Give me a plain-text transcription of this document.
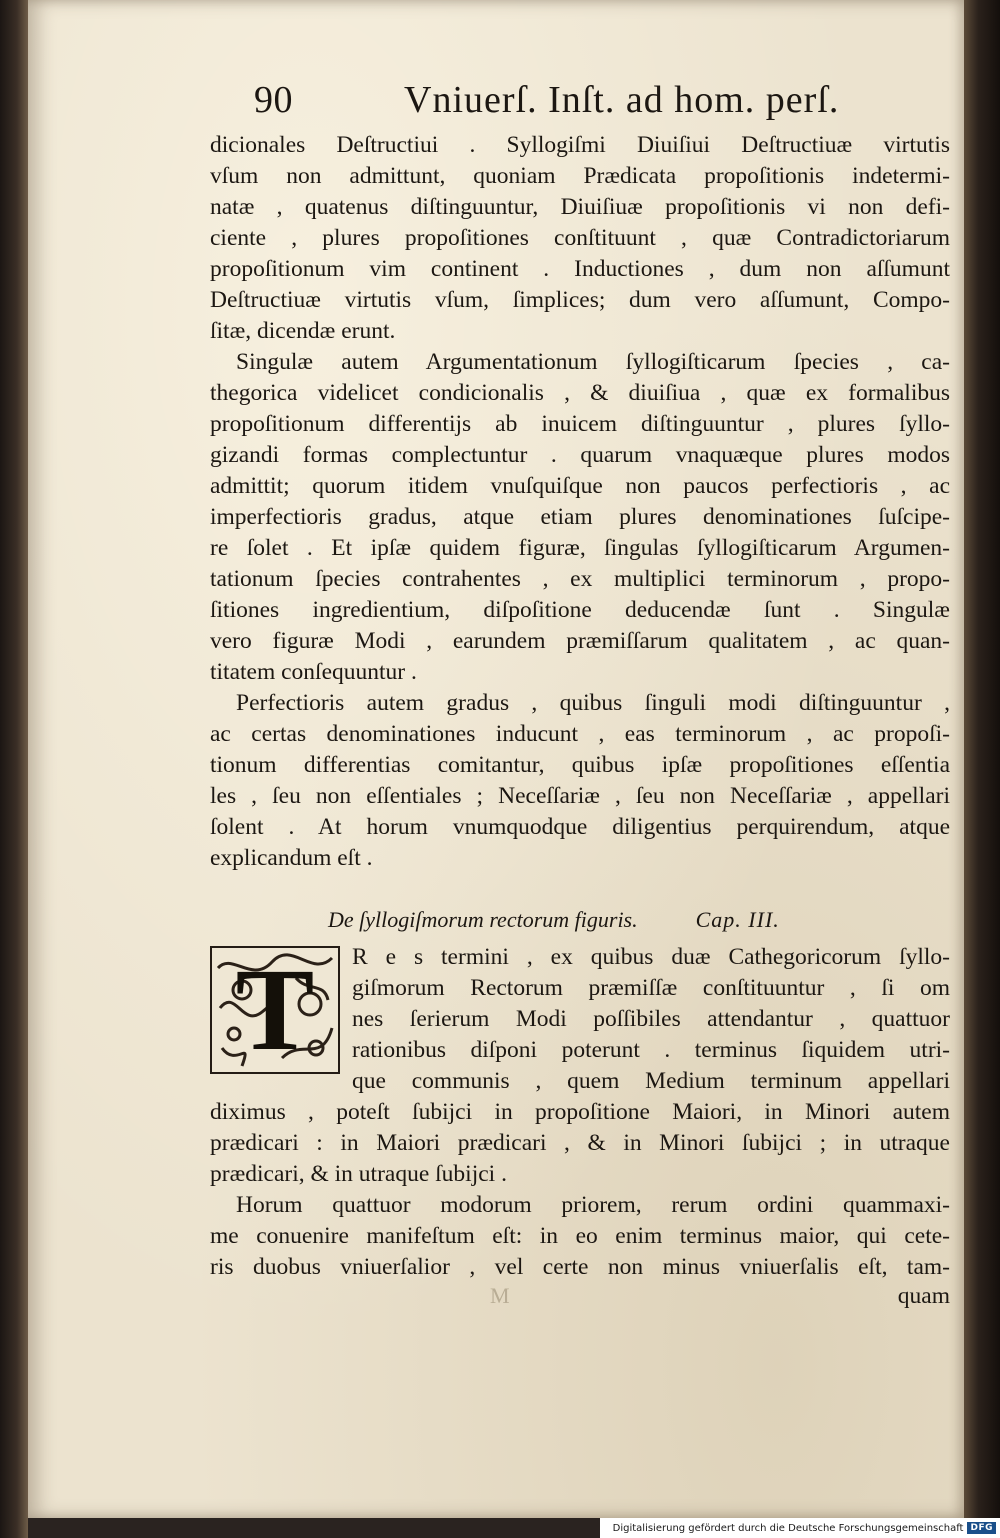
90	Vniuerſ. Inſt. ad hom. perſ.
dicionales Deſtructiui . Syllogiſmi Diuiſiui Deſtructiuæ virtutis
vſum non admittunt, quoniam Prædicata propoſitionis indetermi-
natæ , quatenus diſtinguuntur, Diuiſiuæ propoſitionis vi non defi-
ciente , plures propoſitiones conſtituunt , quæ Contradictoriarum
propoſitionum vim continent . Inductiones , dum non aſſumunt
Deſtructiuæ virtutis vſum, ſimplices; dum vero aſſumunt, Compo-
ſitæ, dicendæ erunt.
Singulæ autem Argumentationum ſyllogiſticarum ſpecies , ca-
thegorica videlicet condicionalis , & diuiſiua , quæ ex formalibus
propoſitionum differentijs ab inuicem diſtinguuntur , plures ſyllo-
gizandi formas complectuntur . quarum vnaquæque plures modos
admittit; quorum itidem vnuſquiſque non paucos perfectioris , ac
imperfectioris gradus, atque etiam plures denominationes ſuſcipe-
re ſolet . Et ipſæ quidem figuræ, ſingulas ſyllogiſticarum Argumen-
tationum ſpecies contrahentes , ex multiplici terminorum , propo-
ſitiones ingredientium, diſpoſitione deducendæ ſunt . Singulæ
vero figuræ Modi , earundem præmiſſarum qualitatem , ac quan-
titatem conſequuntur .
Perfectioris autem gradus , quibus ſinguli modi diſtinguuntur ,
ac certas denominationes inducunt , eas terminorum , ac propoſi-
tionum differentias comitantur, quibus ipſæ propoſitiones eſſentia
les , ſeu non eſſentiales ; Neceſſariæ , ſeu non Neceſſariæ , appellari
ſolent . At horum vnumquodque diligentius perquirendum, atque
explicandum eſt .
De ſyllogiſmorum rectorum figuris.	Cap. III.
T	R e s termini , ex quibus duæ Cathegoricorum ſyllo-
giſmorum Rectorum præmiſſæ conſtituuntur , ſi om
nes ſerierum Modi poſſibiles attendantur , quattuor
rationibus diſponi poterunt . terminus ſiquidem utri-
que communis , quem Medium terminum appellari
diximus , poteſt ſubijci in propoſitione Maiori, in Minori autem
prædicari : in Maiori prædicari , & in Minori ſubijci ; in utraque
prædicari, & in utraque ſubijci .
Horum quattuor modorum priorem, rerum ordini quammaxi-
me conuenire manifeſtum eſt: in eo enim terminus maior, qui cete-
ris duobus vniuerſalior , vel certe non minus vniuerſalis eſt, tam-
M	quam
Digitalisierung gefördert durch die Deutsche Forschungsgemeinschaft DFG
